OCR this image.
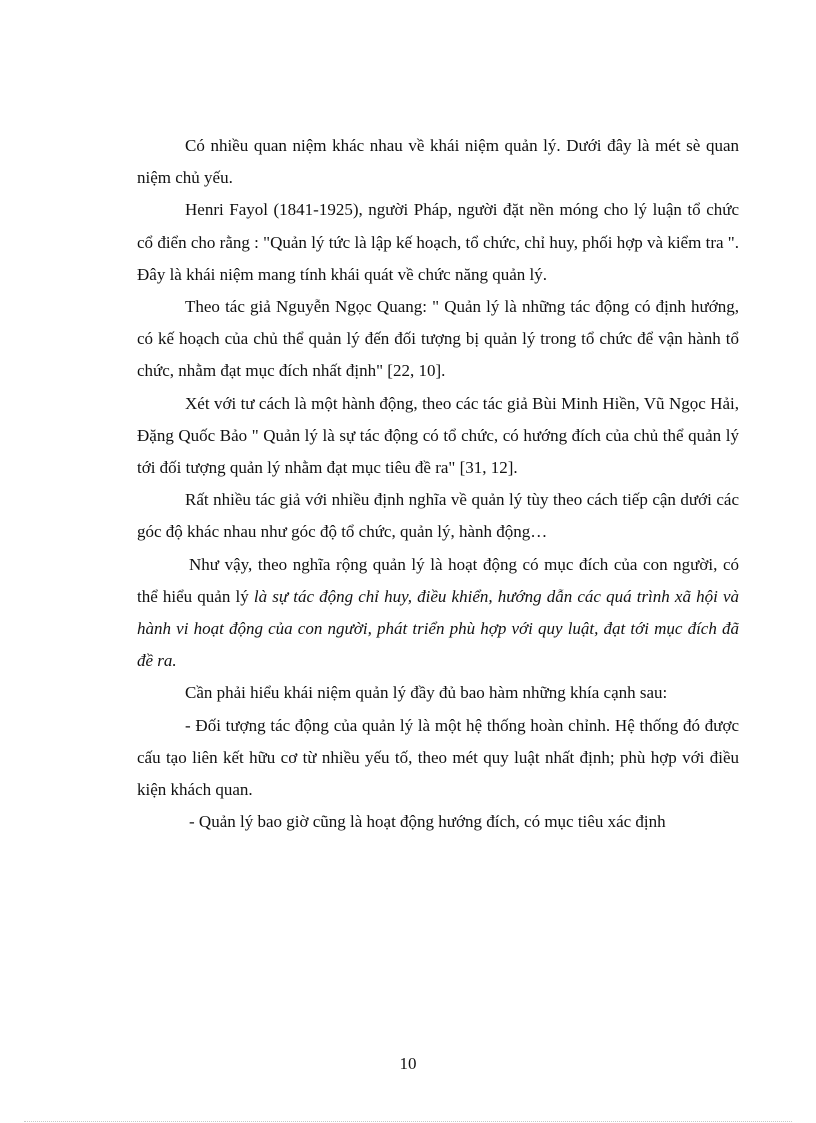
Có nhiều quan niệm khác nhau về khái niệm quản lý. Dưới đây là mét sè quan niệm chủ yếu.

Henri Fayol (1841-1925), người Pháp, người đặt nền móng cho lý luận tổ chức cổ điển cho rằng : "Quản lý tức là lập kế hoạch, tổ chức, chỉ huy, phối hợp và kiểm tra ". Đây là khái niệm mang tính khái quát về chức năng quản lý.

Theo tác giả Nguyễn Ngọc Quang: " Quản lý là những tác động có định hướng, có kế hoạch của chủ thể quản lý đến đối tượng bị quản lý trong tổ chức để vận hành tổ chức, nhằm đạt mục đích nhất định" [22, 10].

Xét với tư cách là một hành động, theo các tác giả Bùi Minh Hiền, Vũ Ngọc Hải, Đặng Quốc Bảo " Quản lý là sự tác động có tổ chức, có hướng đích của chủ thể quản lý tới đối tượng quản lý nhằm đạt mục tiêu đề ra" [31, 12].

Rất nhiều tác giả với nhiều định nghĩa về quản lý tùy theo cách tiếp cận dưới các góc độ khác nhau như góc độ tổ chức, quản lý, hành động…

Như vậy, theo nghĩa rộng quản lý là hoạt động có mục đích của con người, có thể hiểu quản lý là sự tác động chỉ huy, điều khiển, hướng dẫn các quá trình xã hội và hành vi hoạt động của con người, phát triển phù hợp với quy luật, đạt tới mục đích đã đề ra.

Cần phải hiểu khái niệm quản lý đầy đủ bao hàm những khía cạnh sau:

- Đối tượng tác động của quản lý là một hệ thống hoàn chỉnh. Hệ thống đó được cấu tạo liên kết hữu cơ từ nhiều yếu tố, theo mét quy luật nhất định; phù hợp với điều kiện khách quan.

- Quản lý bao giờ cũng là hoạt động hướng đích, có mục tiêu xác định

10
